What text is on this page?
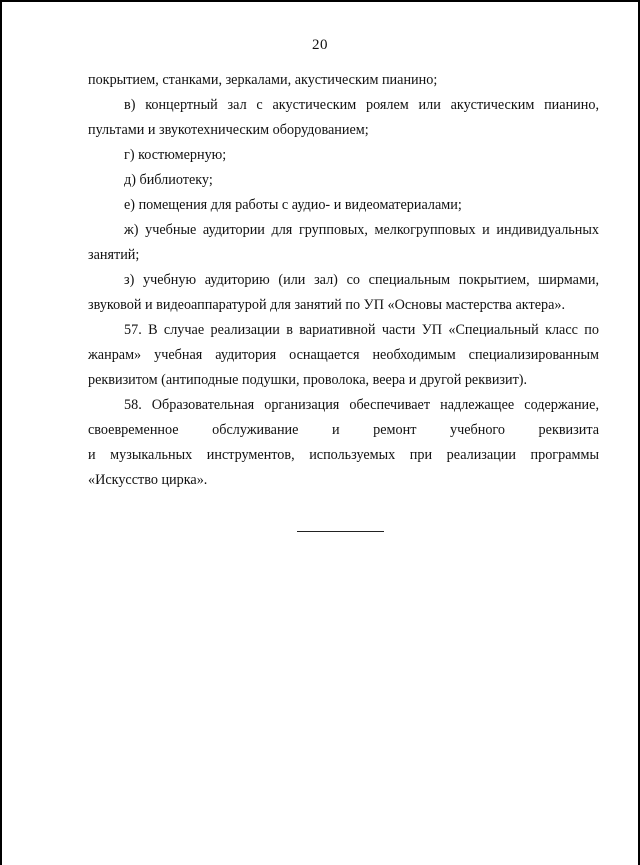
20

покрытием, станками, зеркалами, акустическим пианино;

в) концертный зал с акустическим роялем или акустическим пианино, пультами и звукотехническим оборудованием;

г) костюмерную;

д) библиотеку;

е) помещения для работы с аудио- и видеоматериалами;

ж) учебные аудитории для групповых, мелкогрупповых и индивидуальных занятий;

з) учебную аудиторию (или зал) со специальным покрытием, ширмами, звуковой и видеоаппаратурой для занятий по УП «Основы мастерства актера».

57. В случае реализации в вариативной части УП «Специальный класс по жанрам» учебная аудитория оснащается необходимым специализированным реквизитом (антиподные подушки, проволока, веера и другой реквизит).

58. Образовательная организация обеспечивает надлежащее содержание, своевременное обслуживание и ремонт учебного реквизита

и музыкальных инструментов, используемых при реализации программы «Искусство цирка».
